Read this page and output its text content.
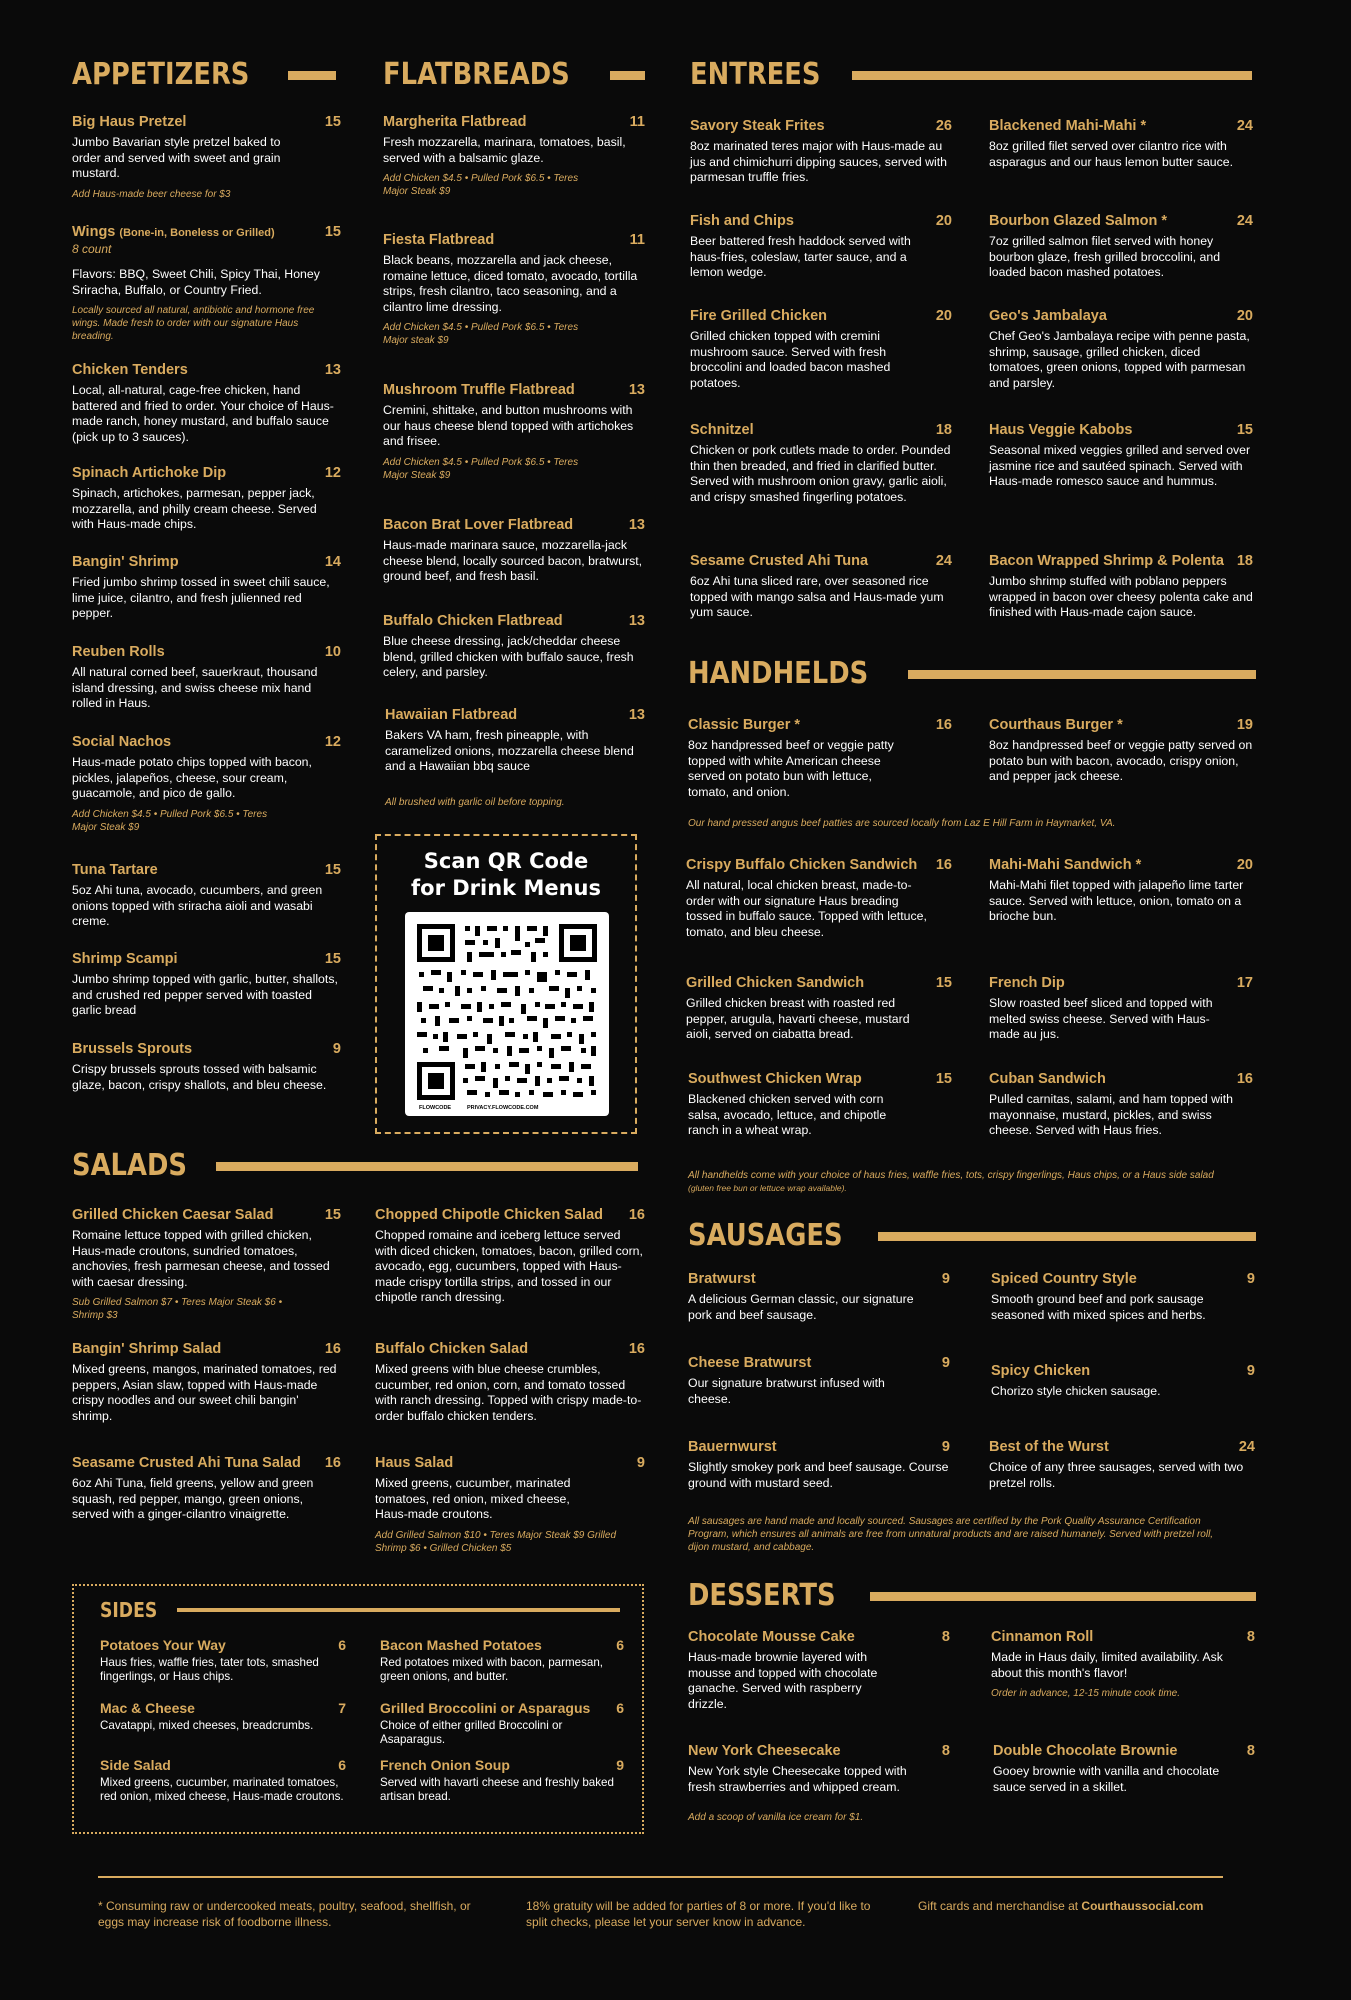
APPETIZERS
Big Haus Pretzel	15
Jumbo Bavarian style pretzel baked to order and served with sweet and grain mustard.
Add Haus-made beer cheese for $3
Wings (Bone-in, Boneless or Grilled)	15
8 count
Flavors: BBQ, Sweet Chili, Spicy Thai, Honey Sriracha, Buffalo, or Country Fried.
Locally sourced all natural, antibiotic and hormone free wings. Made fresh to order with our signature Haus breading.
Chicken Tenders	13
Local, all-natural, cage-free chicken, hand battered and fried to order. Your choice of Haus-made ranch, honey mustard, and buffalo sauce (pick up to 3 sauces).
Spinach Artichoke Dip	12
Spinach, artichokes, parmesan, pepper jack, mozzarella, and philly cream cheese. Served with Haus-made chips.
Bangin' Shrimp	14
Fried jumbo shrimp tossed in sweet chili sauce, lime juice, cilantro, and fresh julienned red pepper.
Reuben Rolls	10
All natural corned beef, sauerkraut, thousand island dressing, and swiss cheese mix hand rolled in Haus.
Social Nachos	12
Haus-made potato chips topped with bacon, pickles, jalapeños, cheese, sour cream, guacamole, and pico de gallo.
Add Chicken $4.5 • Pulled Pork $6.5 • Teres Major Steak $9
Tuna Tartare	15
5oz Ahi tuna, avocado, cucumbers, and green onions topped with sriracha aioli and wasabi creme.
Shrimp Scampi	15
Jumbo shrimp topped with garlic, butter, shallots, and crushed red pepper served with toasted garlic bread
Brussels Sprouts	9
Crispy brussels sprouts tossed with balsamic glaze, bacon, crispy shallots, and bleu cheese.
FLATBREADS
Margherita Flatbread	11
Fresh mozzarella, marinara, tomatoes, basil, served with a balsamic glaze.
Add Chicken $4.5 • Pulled Pork $6.5 • Teres Major Steak $9
Fiesta Flatbread	11
Black beans, mozzarella and jack cheese, romaine lettuce, diced tomato, avocado, tortilla strips, fresh cilantro, taco seasoning, and a cilantro lime dressing.
Add Chicken $4.5 • Pulled Pork $6.5 • Teres Major steak $9
Mushroom Truffle Flatbread	13
Cremini, shittake, and button mushrooms with our haus cheese blend topped with artichokes and frisee.
Add Chicken $4.5 • Pulled Pork $6.5 • Teres Major Steak $9
Bacon Brat Lover Flatbread	13
Haus-made marinara sauce, mozzarella-jack cheese blend, locally sourced bacon, bratwurst, ground beef, and fresh basil.
Buffalo Chicken Flatbread	13
Blue cheese dressing, jack/cheddar cheese blend, grilled chicken with buffalo sauce, fresh celery, and parsley.
Hawaiian Flatbread	13
Bakers VA ham, fresh pineapple, with caramelized onions, mozzarella cheese blend and a Hawaiian bbq sauce
All brushed with garlic oil before topping.
Scan QR Code
for Drink Menus
FLOWCODE	PRIVACY.FLOWCODE.COM
SALADS
Grilled Chicken Caesar Salad	15
Romaine lettuce topped with grilled chicken, Haus-made croutons, sundried tomatoes, anchovies, fresh parmesan cheese, and tossed with caesar dressing.
Sub Grilled Salmon $7 • Teres Major Steak $6 • Shrimp $3
Chopped Chipotle Chicken Salad 16
Chopped romaine and iceberg lettuce served with diced chicken, tomatoes, bacon, grilled corn, avocado, egg, cucumbers, topped with Haus-made crispy tortilla strips, and tossed in our chipotle ranch dressing.
Bangin' Shrimp Salad	16
Mixed greens, mangos, marinated tomatoes, red peppers, Asian slaw, topped with Haus-made crispy noodles and our sweet chili bangin' shrimp.
Buffalo Chicken Salad	16
Mixed greens with blue cheese crumbles, cucumber, red onion, corn, and tomato tossed with ranch dressing. Topped with crispy made-to-order buffalo chicken tenders.
Seasame Crusted Ahi Tuna Salad 16
6oz Ahi Tuna, field greens, yellow and green squash, red pepper, mango, green onions, served with a ginger-cilantro vinaigrette.
Haus Salad	9
Mixed greens, cucumber, marinated tomatoes, red onion, mixed cheese, Haus-made croutons.
Add Grilled Salmon $10 • Teres Major Steak $9 Grilled Shrimp $6 • Grilled Chicken $5
SIDES
Potatoes Your Way	6
Haus fries, waffle fries, tater tots, smashed fingerlings, or Haus chips.
Bacon Mashed Potatoes	6
Red potatoes mixed with bacon, parmesan, green onions, and butter.
Mac & Cheese	7
Cavatappi, mixed cheeses, breadcrumbs.
Grilled Broccolini or Asparagus 6
Choice of either grilled Broccolini or Asaparagus.
Side Salad	6
Mixed greens, cucumber, marinated tomatoes, red onion, mixed cheese, Haus-made croutons.
French Onion Soup	9
Served with havarti cheese and freshly baked artisan bread.
ENTREES
Savory Steak Frites	26
8oz marinated teres major with Haus-made au jus and chimichurri dipping sauces, served with parmesan truffle fries.
Blackened Mahi-Mahi *	24
8oz grilled filet served over cilantro rice with asparagus and our haus lemon butter sauce.
Fish and Chips	20
Beer battered fresh haddock served with haus-fries, coleslaw, tarter sauce, and a lemon wedge.
Bourbon Glazed Salmon *	24
7oz grilled salmon filet served with honey bourbon glaze, fresh grilled broccolini, and loaded bacon mashed potatoes.
Fire Grilled Chicken	20
Grilled chicken topped with cremini mushroom sauce. Served with fresh broccolini and loaded bacon mashed potatoes.
Geo's Jambalaya	20
Chef Geo's Jambalaya recipe with penne pasta, shrimp, sausage, grilled chicken, diced tomatoes, green onions, topped with parmesan and parsley.
Schnitzel	18
Chicken or pork cutlets made to order. Pounded thin then breaded, and fried in clarified butter. Served with mushroom onion gravy, garlic aioli, and crispy smashed fingerling potatoes.
Haus Veggie Kabobs	15
Seasonal mixed veggies grilled and served over jasmine rice and sautéed spinach. Served with Haus-made romesco sauce and hummus.
Sesame Crusted Ahi Tuna	24
6oz Ahi tuna sliced rare, over seasoned rice topped with mango salsa and Haus-made yum yum sauce.
Bacon Wrapped Shrimp & Polenta 18
Jumbo shrimp stuffed with poblano peppers wrapped in bacon over cheesy polenta cake and finished with Haus-made cajon sauce.
HANDHELDS
Classic Burger *	16
8oz handpressed beef or veggie patty topped with white American cheese served on potato bun with lettuce, tomato, and onion.
Courthaus Burger *	19
8oz handpressed beef or veggie patty served on potato bun with bacon, avocado, crispy onion, and pepper jack cheese.
Our hand pressed angus beef patties are sourced locally from Laz E Hill Farm in Haymarket, VA.
Crispy Buffalo Chicken Sandwich 16
All natural, local chicken breast, made-to-order with our signature Haus breading tossed in buffalo sauce. Topped with lettuce, tomato, and bleu cheese.
Mahi-Mahi Sandwich *	20
Mahi-Mahi filet topped with jalapeño lime tarter sauce. Served with lettuce, onion, tomato on a brioche bun.
Grilled Chicken Sandwich	15
Grilled chicken breast with roasted red pepper, arugula, havarti cheese, mustard aioli, served on ciabatta bread.
French Dip	17
Slow roasted beef sliced and topped with melted swiss cheese. Served with Haus-made au jus.
Southwest Chicken Wrap	15
Blackened chicken served with corn salsa, avocado, lettuce, and chipotle ranch in a wheat wrap.
Cuban Sandwich	16
Pulled carnitas, salami, and ham topped with mayonnaise, mustard, pickles, and swiss cheese. Served with Haus fries.
All handhelds come with your choice of haus fries, waffle fries, tots, crispy fingerlings, Haus chips, or a Haus side salad (gluten free bun or lettuce wrap available).
SAUSAGES
Bratwurst	9
A delicious German classic, our signature pork and beef sausage.
Spiced Country Style	9
Smooth ground beef and pork sausage seasoned with mixed spices and herbs.
Cheese Bratwurst	9
Our signature bratwurst infused with cheese.
Spicy Chicken	9
Chorizo style chicken sausage.
Bauernwurst	9
Slightly smokey pork and beef sausage. Course ground with mustard seed.
Best of the Wurst	24
Choice of any three sausages, served with two pretzel rolls.
All sausages are hand made and locally sourced. Sausages are certified by the Pork Quality Assurance Certification Program, which ensures all animals are free from unnatural products and are raised humanely. Served with pretzel roll, dijon mustard, and cabbage.
DESSERTS
Chocolate Mousse Cake	8
Haus-made brownie layered with mousse and topped with chocolate ganache. Served with raspberry drizzle.
Cinnamon Roll	8
Made in Haus daily, limited availability. Ask about this month's flavor!
Order in advance, 12-15 minute cook time.
New York Cheesecake	8
New York style Cheesecake topped with fresh strawberries and whipped cream.
Add a scoop of vanilla ice cream for $1.
Double Chocolate Brownie	8
Gooey brownie with vanilla and chocolate sauce served in a skillet.
* Consuming raw or undercooked meats, poultry, seafood, shellfish, or eggs may increase risk of foodborne illness.
18% gratuity will be added for parties of 8 or more. If you'd like to split checks, please let your server know in advance.
Gift cards and merchandise at Courthaussocial.com
